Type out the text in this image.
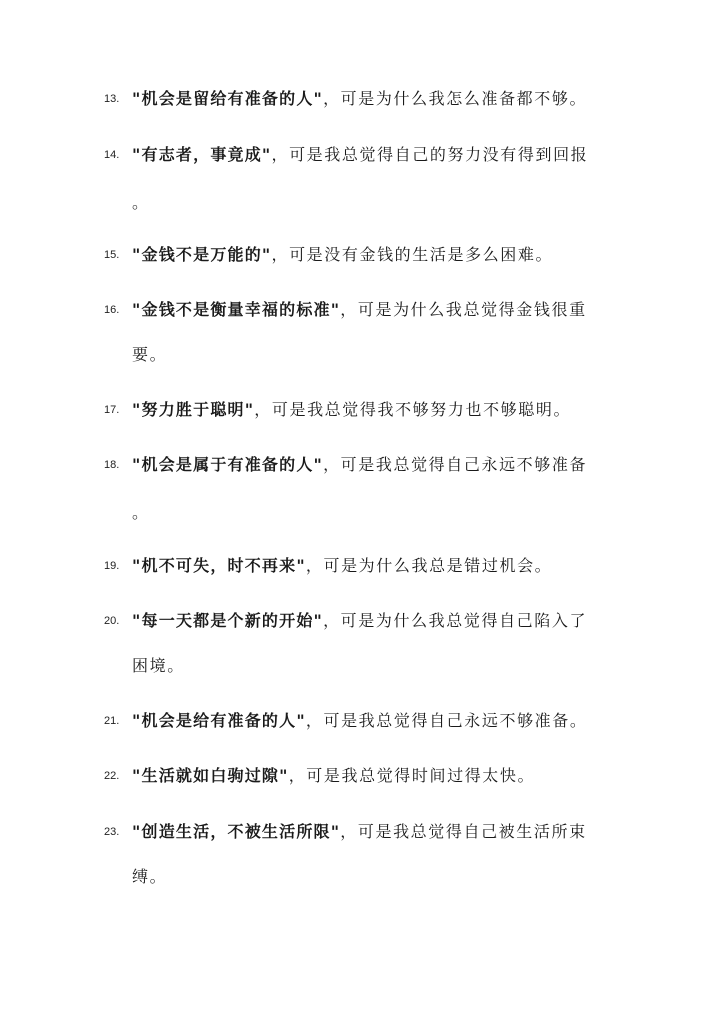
13. "机会是留给有准备的人"，可是为什么我怎么准备都不够。
14. "有志者，事竟成"，可是我总觉得自己的努力没有得到回报
。
15. "金钱不是万能的"，可是没有金钱的生活是多么困难。
16. "金钱不是衡量幸福的标准"，可是为什么我总觉得金钱很重
要。
17. "努力胜于聪明"，可是我总觉得我不够努力也不够聪明。
18. "机会是属于有准备的人"，可是我总觉得自己永远不够准备
。
19. "机不可失，时不再来"，可是为什么我总是错过机会。
20. "每一天都是个新的开始"，可是为什么我总觉得自己陷入了
困境。
21. "机会是给有准备的人"，可是我总觉得自己永远不够准备。
22. "生活就如白驹过隙"，可是我总觉得时间过得太快。
23. "创造生活，不被生活所限"，可是我总觉得自己被生活所束
缚。
